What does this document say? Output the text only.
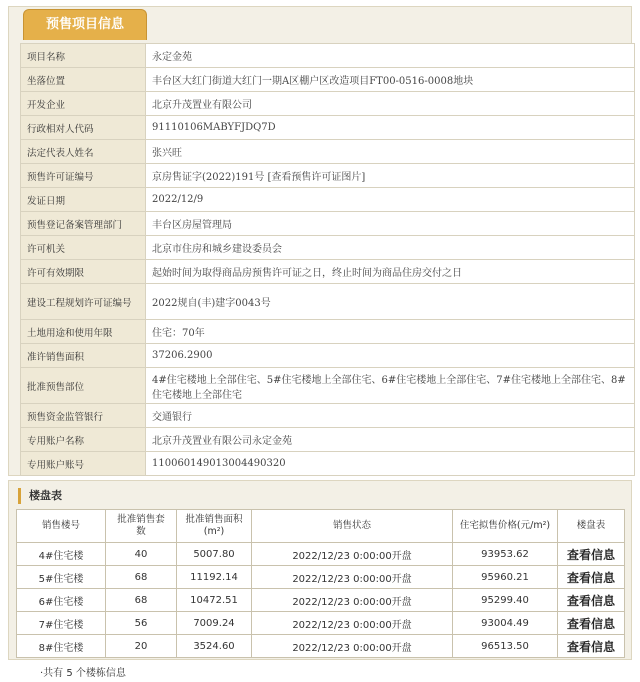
预售项目信息
项目名称	永定金苑
坐落位置	丰台区大红门街道大红门一期A区棚户区改造项目FT00-0516-0008地块
开发企业	北京升茂置业有限公司
行政相对人代码	91110106MABYFJDQ7D
法定代表人姓名	张兴旺
预售许可证编号	京房售证字(2022)191号 [查看预售许可证图片]
发证日期	2022/12/9
预售登记备案管理部门	丰台区房屋管理局
许可机关	北京市住房和城乡建设委员会
许可有效期限	起始时间为取得商品房预售许可证之日，终止时间为商品住房交付之日
建设工程规划许可证编号	2022规自(丰)建字0043号
土地用途和使用年限	住宅：70年
准许销售面积	37206.2900
批准预售部位	4#住宅楼地上全部住宅、5#住宅楼地上全部住宅、6#住宅楼地上全部住宅、7#住宅楼地上全部住宅、8#住宅楼地上全部住宅
预售资金监管银行	交通银行
专用账户名称	北京升茂置业有限公司永定金苑
专用账户账号	110060149013004490320
楼盘表
销售楼号	批准销售套　数	批准销售面积(m²)	销售状态	住宅拟售价格(元/m²)	楼盘表
4#住宅楼	40	5007.80	2022/12/23 0:00:00开盘	93953.62	查看信息
5#住宅楼	68	11192.14	2022/12/23 0:00:00开盘	95960.21	查看信息
6#住宅楼	68	10472.51	2022/12/23 0:00:00开盘	95299.40	查看信息
7#住宅楼	56	7009.24	2022/12/23 0:00:00开盘	93004.49	查看信息
8#住宅楼	20	3524.60	2022/12/23 0:00:00开盘	96513.50	查看信息
·共有 5 个楼栋信息
